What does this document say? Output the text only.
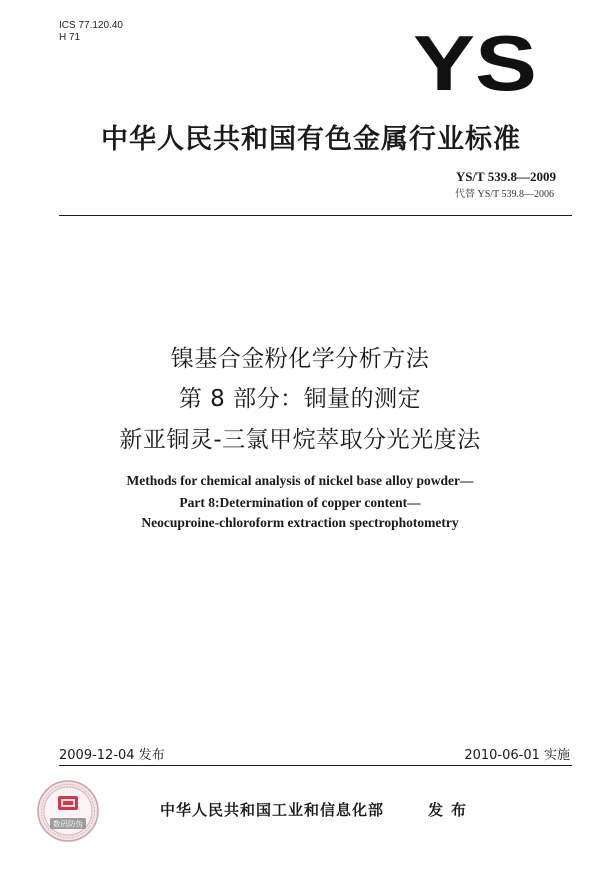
ICS 77.120.40
H 71	YS
中华人民共和国有色金属行业标准
YS/T 539.8—2009
代替 YS/T 539.8—2006
镍基合金粉化学分析方法
第 8 部分：铜量的测定
新亚铜灵-三氯甲烷萃取分光光度法
Methods for chemical analysis of nickel base alloy powder—
Part 8:Determination of copper content—
Neocuproine-chloroform extraction spectrophotometry
2009-12-04 发布	2010-06-01 实施
数码防伪
中华人民共和国工业和信息化部	发布
